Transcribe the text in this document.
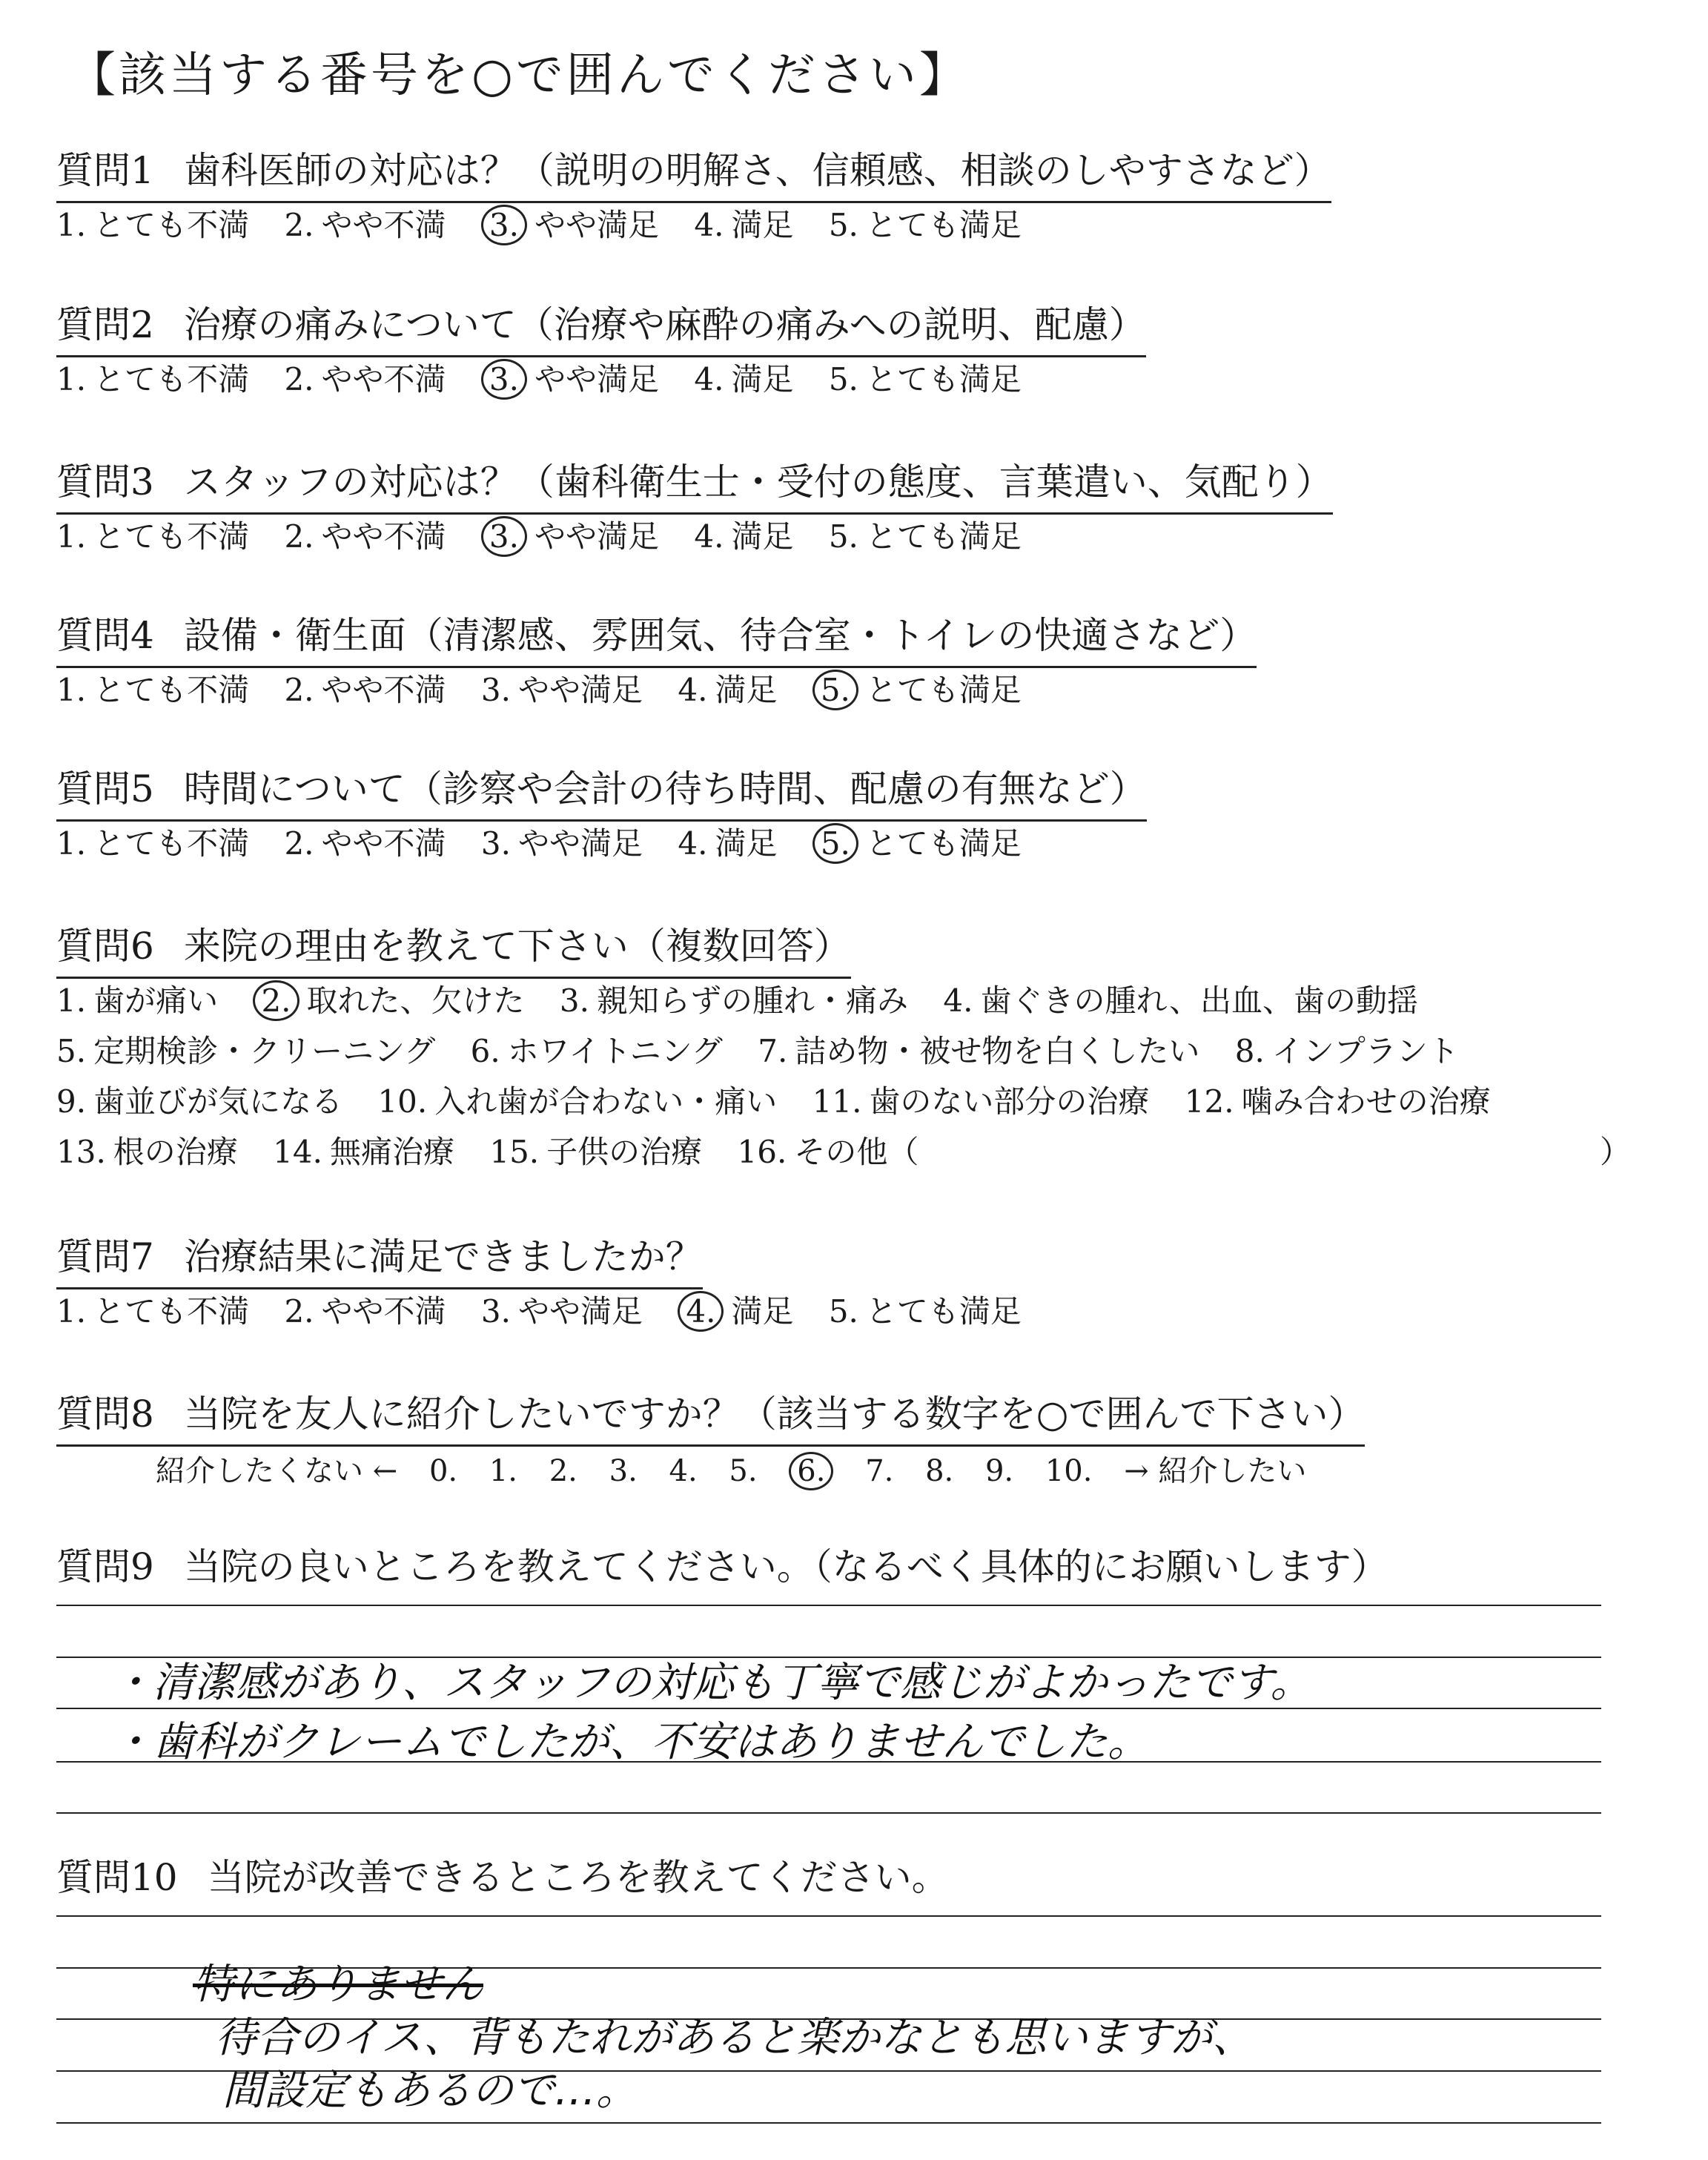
【該当する番号を○で囲んでください】
質問1 歯科医師の対応は？（説明の明解さ、信頼感、相談のしやすさなど）
1. とても不満 2. やや不満 3. やや満足 4. 満足 5. とても満足
質問2 治療の痛みについて（治療や麻酔の痛みへの説明、配慮）
1. とても不満 2. やや不満 3. やや満足 4. 満足 5. とても満足
質問3 スタッフの対応は？（歯科衛生士・受付の態度、言葉遣い、気配り）
1. とても不満 2. やや不満 3. やや満足 4. 満足 5. とても満足
質問4 設備・衛生面（清潔感、雰囲気、待合室・トイレの快適さなど）
1. とても不満 2. やや不満 3. やや満足 4. 満足 5. とても満足
質問5 時間について（診察や会計の待ち時間、配慮の有無など）
1. とても不満 2. やや不満 3. やや満足 4. 満足 5. とても満足
質問6 来院の理由を教えて下さい（複数回答）
1. 歯が痛い 2. 取れた、欠けた 3. 親知らずの腫れ・痛み 4. 歯ぐきの腫れ、出血、歯の動揺
5. 定期検診・クリーニング 6. ホワイトニング 7. 詰め物・被せ物を白くしたい 8. インプラント
9. 歯並びが気になる 10. 入れ歯が合わない・痛い 11. 歯のない部分の治療 12. 噛み合わせの治療
13. 根の治療 14. 無痛治療 15. 子供の治療 16. その他（	）
質問7 治療結果に満足できましたか？
1. とても不満 2. やや不満 3. やや満足 4. 満足 5. とても満足
質問8 当院を友人に紹介したいですか？（該当する数字を○で囲んで下さい）
紹介したくない ← 0. 1. 2. 3. 4. 5. 6. 7. 8. 9. 10. → 紹介したい
質問9 当院の良いところを教えてください。（なるべく具体的にお願いします）
・清潔感があり、スタッフの対応も丁寧で感じがよかったです。
・歯科がクレームでしたが、不安はありませんでした。
質問10 当院が改善できるところを教えてください。
特にありません
待合のイス、背もたれがあると楽かなとも思いますが、
間設定もあるので…。
